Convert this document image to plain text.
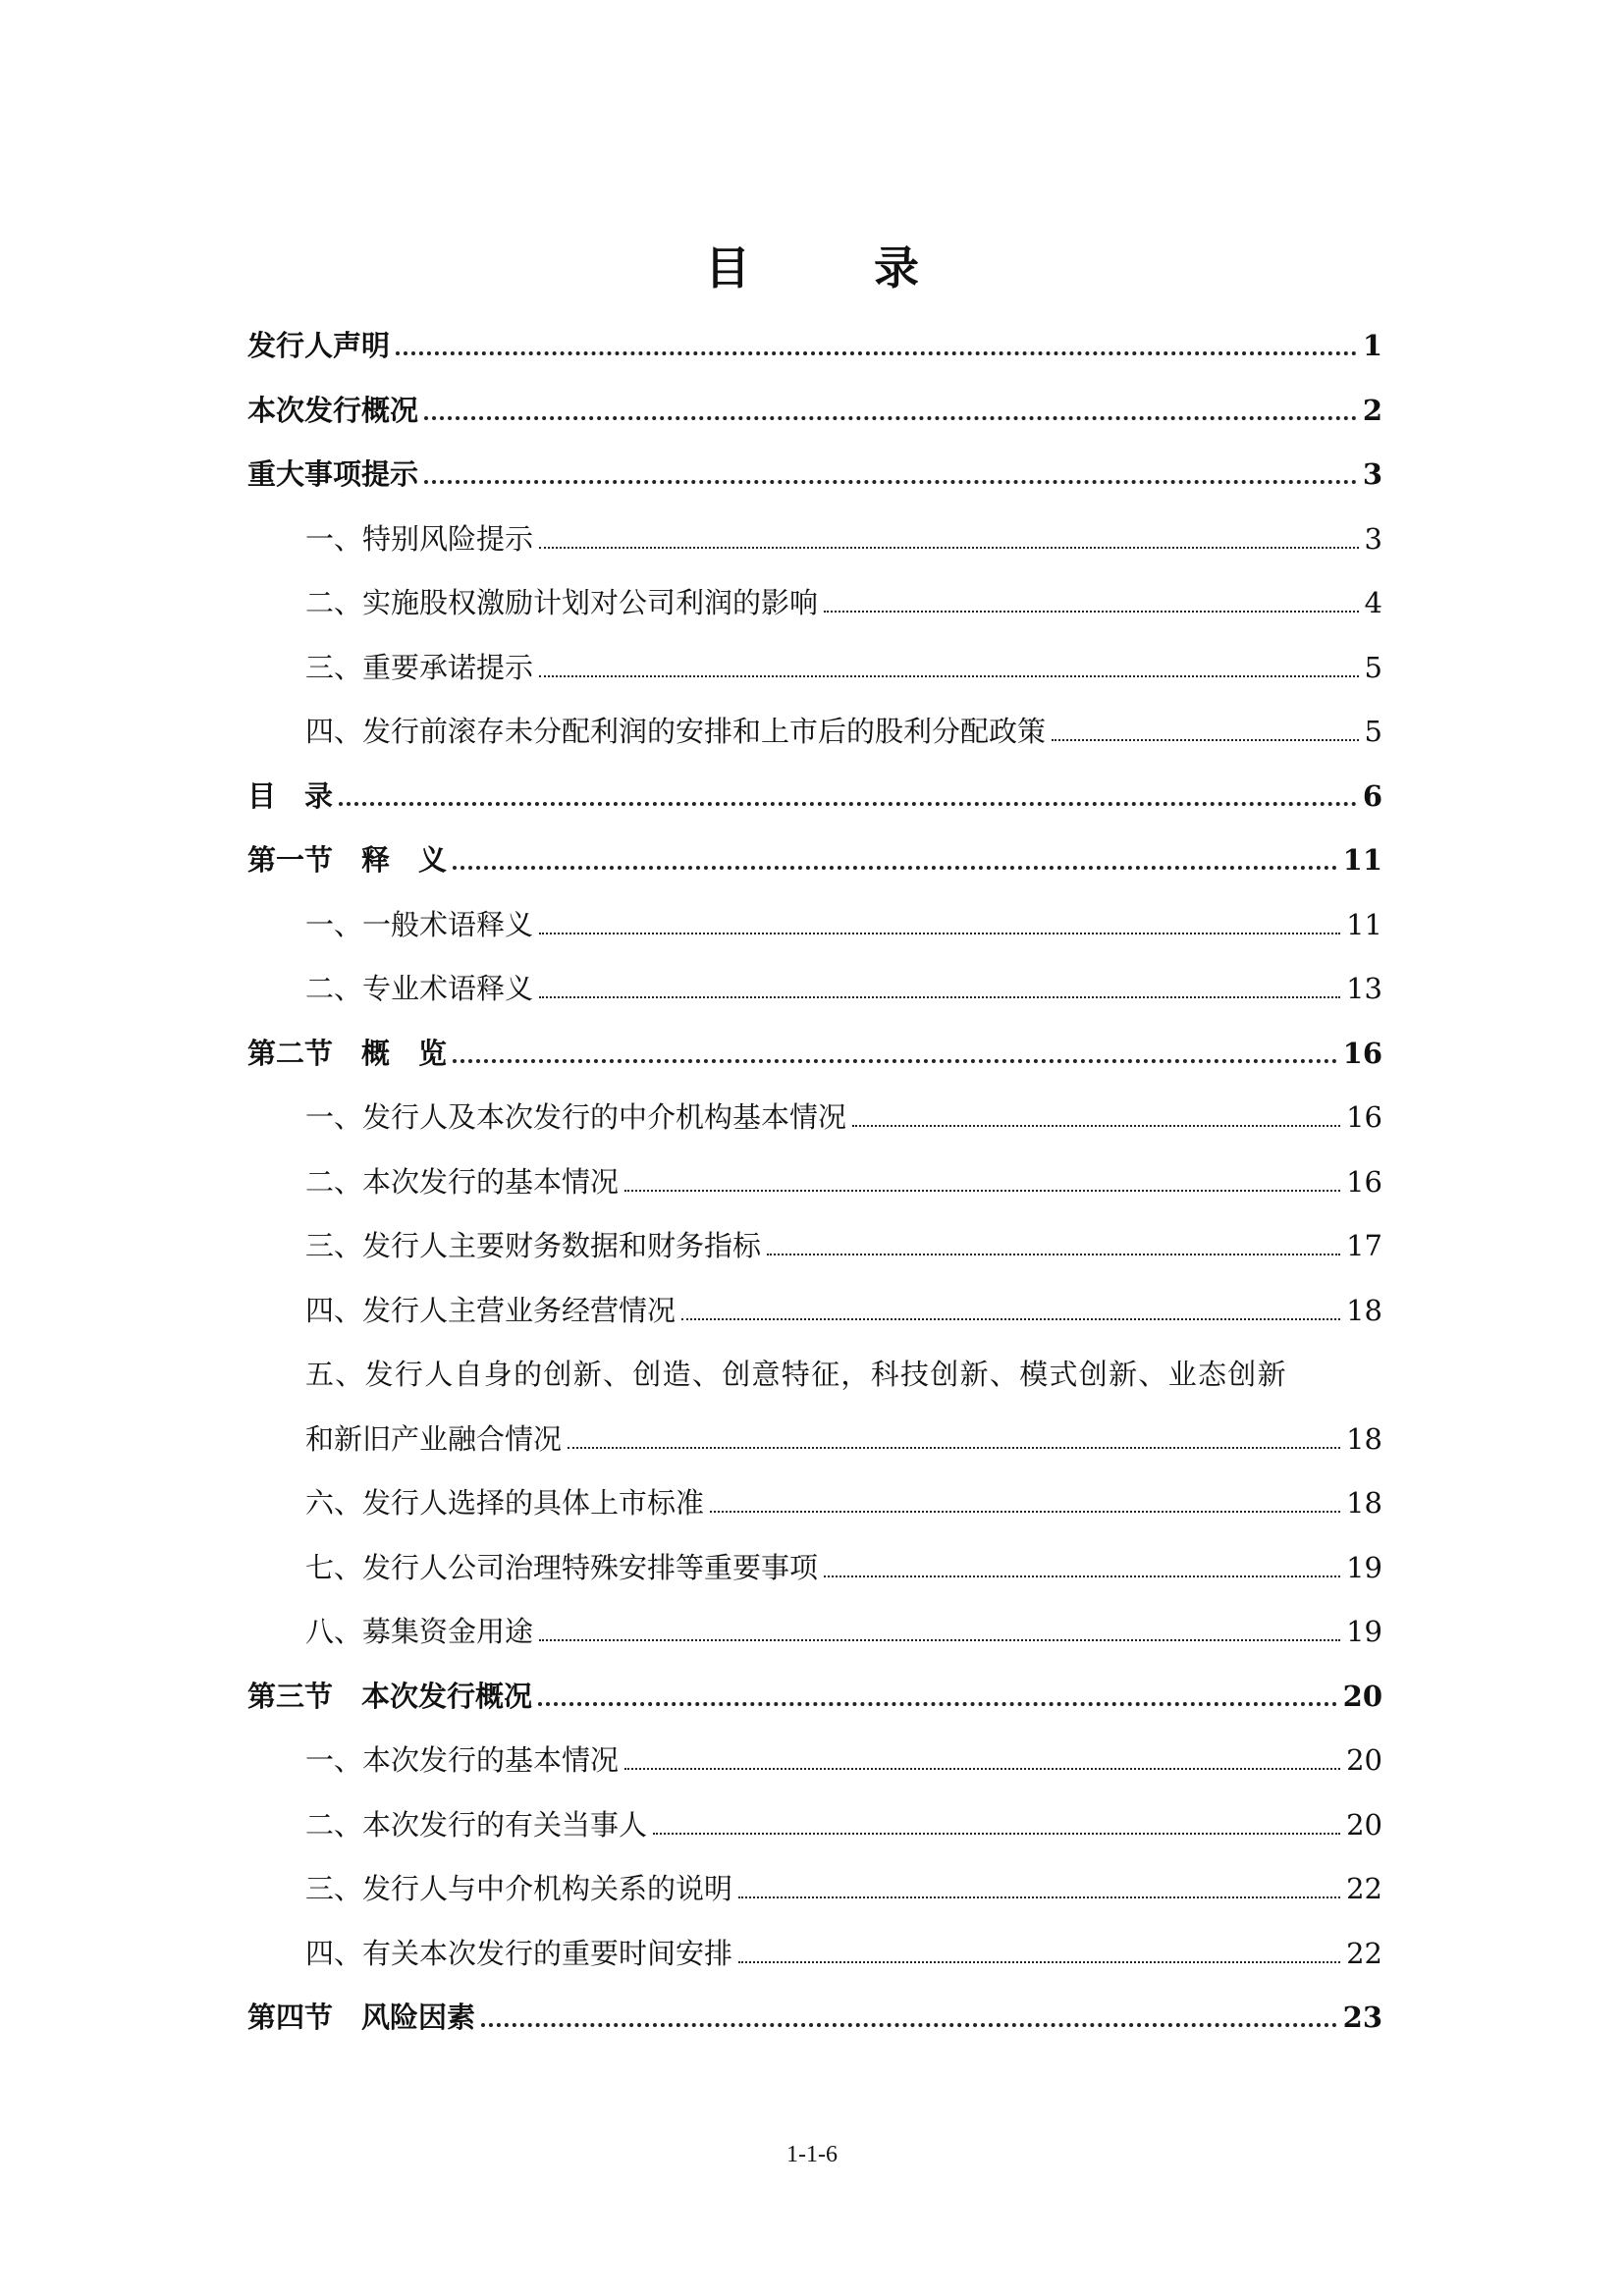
目　录
发行人声明	1
本次发行概况	2
重大事项提示	3
一、特别风险提示	3
二、实施股权激励计划对公司利润的影响	4
三、重要承诺提示	5
四、发行前滚存未分配利润的安排和上市后的股利分配政策	5
目　录	6
第一节　释　义	11
一、一般术语释义	11
二、专业术语释义	13
第二节　概　览	16
一、发行人及本次发行的中介机构基本情况	16
二、本次发行的基本情况	16
三、发行人主要财务数据和财务指标	17
四、发行人主营业务经营情况	18
五、发行人自身的创新、创造、创意特征，科技创新、模式创新、业态创新
和新旧产业融合情况	18
六、发行人选择的具体上市标准	18
七、发行人公司治理特殊安排等重要事项	19
八、募集资金用途	19
第三节　本次发行概况	20
一、本次发行的基本情况	20
二、本次发行的有关当事人	20
三、发行人与中介机构关系的说明	22
四、有关本次发行的重要时间安排	22
第四节　风险因素	23
1-1-6
